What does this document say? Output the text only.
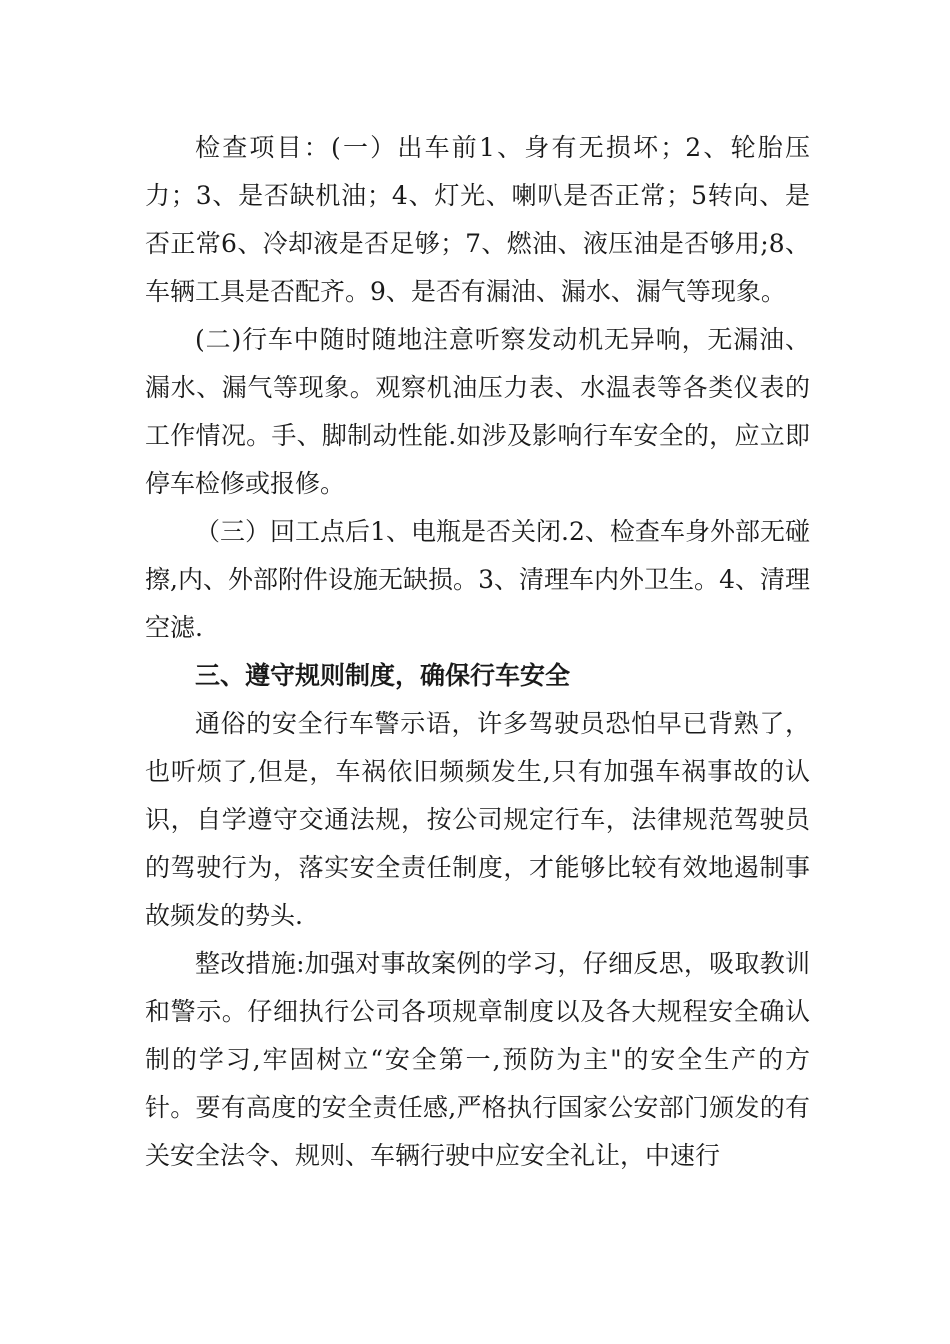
检查项目：(一）出车前1、身有无损坏；2、轮胎压力；3、是否缺机油；4、灯光、喇叭是否正常；5转向、是否正常6、冷却液是否足够；7、燃油、液压油是否够用;8、车辆工具是否配齐。9、是否有漏油、漏水、漏气等现象。

(二)行车中随时随地注意听察发动机无异响，无漏油、漏水、漏气等现象。观察机油压力表、水温表等各类仪表的工作情况。手、脚制动性能.如涉及影响行车安全的，应立即停车检修或报修。

（三）回工点后1、电瓶是否关闭.2、检查车身外部无碰擦,内、外部附件设施无缺损。3、清理车内外卫生。4、清理空滤.

三、遵守规则制度，确保行车安全

通俗的安全行车警示语，许多驾驶员恐怕早已背熟了，也听烦了,但是，车祸依旧频频发生,只有加强车祸事故的认识，自学遵守交通法规，按公司规定行车，法律规范驾驶员的驾驶行为，落实安全责任制度，才能够比较有效地遏制事故频发的势头.

整改措施:加强对事故案例的学习，仔细反思，吸取教训和警示。仔细执行公司各项规章制度以及各大规程安全确认制的学习,牢固树立“安全第一,预防为主"的安全生产的方针。要有高度的安全责任感,严格执行国家公安部门颁发的有关安全法令、规则、车辆行驶中应安全礼让，中速行
